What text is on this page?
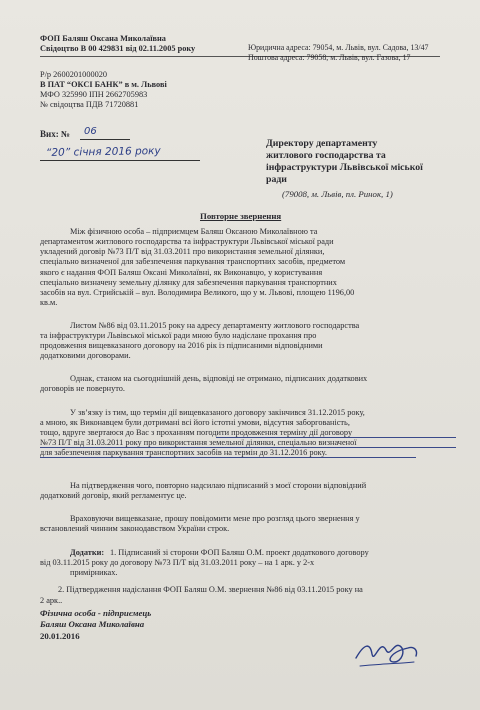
ФОП Баляш Оксана Миколаївна
Свідоцтво В 00 429831 від 02.11.2005 року	Юридична адреса: 79054, м. Львів, вул. Садова, 13/47
Поштова адреса: 79058, м. Львів, вул. Газова, 17
Р/р 2600201000020
В ПАТ “ОКСІ БАНК” в м. Львові
МФО 325990 ІПН 2662705983
№ свідоцтва ПДВ 71720881
Вих: № 06
“20” січня 2016 року
Директору департаменту
житлового господарства та
інфраструктури Львівської міської
ради
(79008, м. Львів, пл. Ринок, 1)
Повторне звернення
Між фізичною особа – підприємцем Баляш Оксаною Миколаївною та
департаментом житлового господарства та інфраструктури Львівської міської ради
укладений договір №73 П/Т від 31.03.2011 про використання земельної ділянки,
спеціально визначеної для забезпечення паркування транспортних засобів, предметом
якого є надання ФОП Баляш Оксані Миколаївні, як Виконавцю, у користування
спеціально визначену земельну ділянку для забезпечення паркування транспортних
засобів на вул. Стрийській – вул. Володимира Великого, що у м. Львові, площею 1196,00
кв.м.
Листом №86 від 03.11.2015 року на адресу департаменту житлового господарства
та інфраструктури Львівської міської ради мною було надіслане прохання про
продовження вищевказаного договору на 2016 рік із підписаними відповідними
додатковими договорами.
Однак, станом на сьогоднішній день, відповіді не отримано, підписаних додаткових
договорів не повернуто.
У зв’язку із тим, що термін дії вищевказаного договору закінчився 31.12.2015 року,
а мною, як Виконавцем були дотримані всі його істотні умови, відсутня заборгованість,
тощо, вдруге звертаюся до Вас з проханням погодити продовження терміну дії договору
№73 П/Т від 31.03.2011 року про використання земельної ділянки, спеціально визначеної
для забезпечення паркування транспортних засобів на термін до 31.12.2016 року.
На підтвердження чого, повторно надсилаю підписаний з моєї сторони відповідний
додатковий договір, який регламентує це.
Враховуючи вищевказане, прошу повідомити мене про розгляд цього звернення у
встановлений чинним законодавством України строк.
Додатки: 1. Підписаний зі сторони ФОП Баляш О.М. проект додаткового договору
від 03.11.2015 року до договору №73 П/Т від 31.03.2011 року – на 1 арк. у 2-х
примірниках.
2. Підтвердження надіслання ФОП Баляш О.М. звернення №86 від 03.11.2015 року на
2 арк..
Фізична особа - підприємець
Баляш Оксана Миколаївна
20.01.2016
